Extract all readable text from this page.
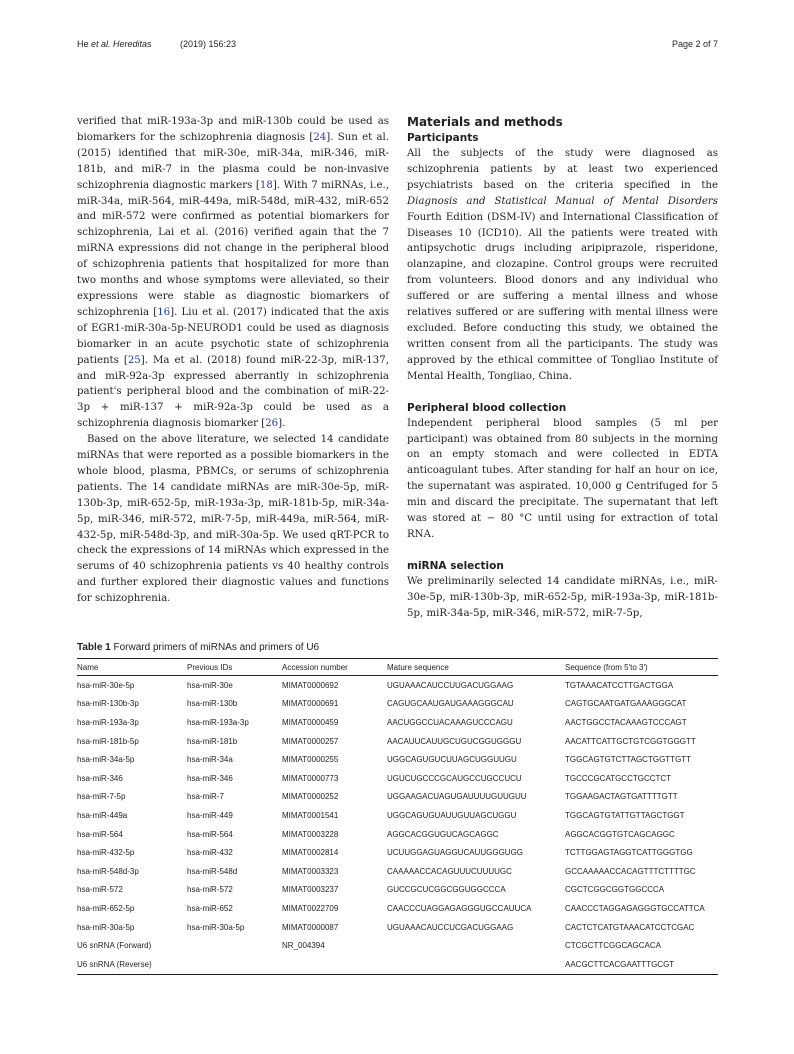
He et al. Hereditas	(2019) 156:23	Page 2 of 7

verified that miR-193a-3p and miR-130b could be used as biomarkers for the schizophrenia diagnosis [24]. Sun et al. (2015) identified that miR-30e, miR-34a, miR-346, miR-181b, and miR-7 in the plasma could be non-invasive schizophrenia diagnostic markers [18]. With 7 miRNAs, i.e., miR-34a, miR-564, miR-449a, miR-548d, miR-432, miR-652 and miR-572 were confirmed as potential biomarkers for schizophrenia, Lai et al. (2016) verified again that the 7 miRNA expressions did not change in the peripheral blood of schizophrenia patients that hospitalized for more than two months and whose symptoms were alleviated, so their expressions were stable as diagnostic biomarkers of schizophrenia [16]. Liu et al. (2017) indicated that the axis of EGR1-miR-30a-5p-NEUROD1 could be used as diagnosis biomarker in an acute psychotic state of schizophrenia patients [25]. Ma et al. (2018) found miR-22-3p, miR-137, and miR-92a-3p expressed aberrantly in schizophrenia patient's peripheral blood and the combination of miR-22-3p + miR-137 + miR-92a-3p could be used as a schizophrenia diagnosis biomarker [26].

Based on the above literature, we selected 14 candidate miRNAs that were reported as a possible biomarkers in the whole blood, plasma, PBMCs, or serums of schizophrenia patients. The 14 candidate miRNAs are miR-30e-5p, miR-130b-3p, miR-652-5p, miR-193a-3p, miR-181b-5p, miR-34a-5p, miR-346, miR-572, miR-7-5p, miR-449a, miR-564, miR-432-5p, miR-548d-3p, and miR-30a-5p. We used qRT-PCR to check the expressions of 14 miRNAs which expressed in the serums of 40 schizophrenia patients vs 40 healthy controls and further explored their diagnostic values and functions for schizophrenia.

Materials and methods
Participants

All the subjects of the study were diagnosed as schizophrenia patients by at least two experienced psychiatrists based on the criteria specified in the Diagnosis and Statistical Manual of Mental Disorders Fourth Edition (DSM-IV) and International Classification of Diseases 10 (ICD10). All the patients were treated with antipsychotic drugs including aripiprazole, risperidone, olanzapine, and clozapine. Control groups were recruited from volunteers. Blood donors and any individual who suffered or are suffering a mental illness and whose relatives suffered or are suffering with mental illness were excluded. Before conducting this study, we obtained the written consent from all the participants. The study was approved by the ethical committee of Tongliao Institute of Mental Health, Tongliao, China.

Peripheral blood collection

Independent peripheral blood samples (5 ml per participant) was obtained from 80 subjects in the morning on an empty stomach and were collected in EDTA anticoagulant tubes. After standing for half an hour on ice, the supernatant was aspirated. 10,000 g Centrifuged for 5 min and discard the precipitate. The supernatant that left was stored at − 80 °C until using for extraction of total RNA.

miRNA selection

We preliminarily selected 14 candidate miRNAs, i.e., miR-30e-5p, miR-130b-3p, miR-652-5p, miR-193a-3p, miR-181b-5p, miR-34a-5p, miR-346, miR-572, miR-7-5p,

Table 1 Forward primers of miRNAs and primers of U6

Name	Previous IDs	Accession number	Mature sequence	Sequence (from 5'to 3')
hsa-miR-30e-5p	hsa-miR-30e	MIMAT0000692	UGUAAACAUCCUUGACUGGAAG	TGTAAACATCCTTGACTGGA
hsa-miR-130b-3p	hsa-miR-130b	MIMAT0000691	CAGUGCAAUGAUGAAAGGGCAU	CAGTGCAATGATGAAAGGGCAT
hsa-miR-193a-3p	hsa-miR-193a-3p	MIMAT0000459	AACUGGCCUACAAAGUCCCAGU	AACTGGCCTACAAAGTCCCAGT
hsa-miR-181b-5p	hsa-miR-181b	MIMAT0000257	AACAUUCAUUGCUGUCGGUGGGU	AACATTCATTGCTGTCGGTGGGTT
hsa-miR-34a-5p	hsa-miR-34a	MIMAT0000255	UGGCAGUGUCUUAGCUGGUUGU	TGGCAGTGTCTTAGCTGGTTGTT
hsa-miR-346	hsa-miR-346	MIMAT0000773	UGUCUGCCCGCAUGCCUGCCUCU	TGCCCGCATGCCTGCCTCT
hsa-miR-7-5p	hsa-miR-7	MIMAT0000252	UGGAAGACUAGUGAUUUUGUUGUU	TGGAAGACTAGTGATTTTGTT
hsa-miR-449a	hsa-miR-449	MIMAT0001541	UGGCAGUGUAUUGUUAGCUGGU	TGGCAGTGTATTGTTAGCTGGT
hsa-miR-564	hsa-miR-564	MIMAT0003228	AGGCACGGUGUCAGCAGGC	AGGCACGGTGTCAGCAGGC
hsa-miR-432-5p	hsa-miR-432	MIMAT0002814	UCUUGGAGUAGGUCAUUGGGUGG	TCTTGGAGTAGGTCATTGGGTGG
hsa-miR-548d-3p	hsa-miR-548d	MIMAT0003323	CAAAAACCACAGUUUCUUUUGC	GCCAAAAACCACAGTTTCTTTTGC
hsa-miR-572	hsa-miR-572	MIMAT0003237	GUCCGCUCGGCGGUGGCCCA	CGCTCGGCGGTGGCCCA
hsa-miR-652-5p	hsa-miR-652	MIMAT0022709	CAACCCUAGGAGAGGGUGCCAUUCA	CAACCCTAGGAGAGGGTGCCATTCA
hsa-miR-30a-5p	hsa-miR-30a-5p	MIMAT0000087	UGUAAACAUCCUCGACUGGAAG	CACTCTCATGTAAACATCCTCGAC
U6 snRNA (Forward)		NR_004394		CTCGCTTCGGCAGCACA
U6 snRNA (Reverse)				AACGCTTCACGAATTTGCGT
